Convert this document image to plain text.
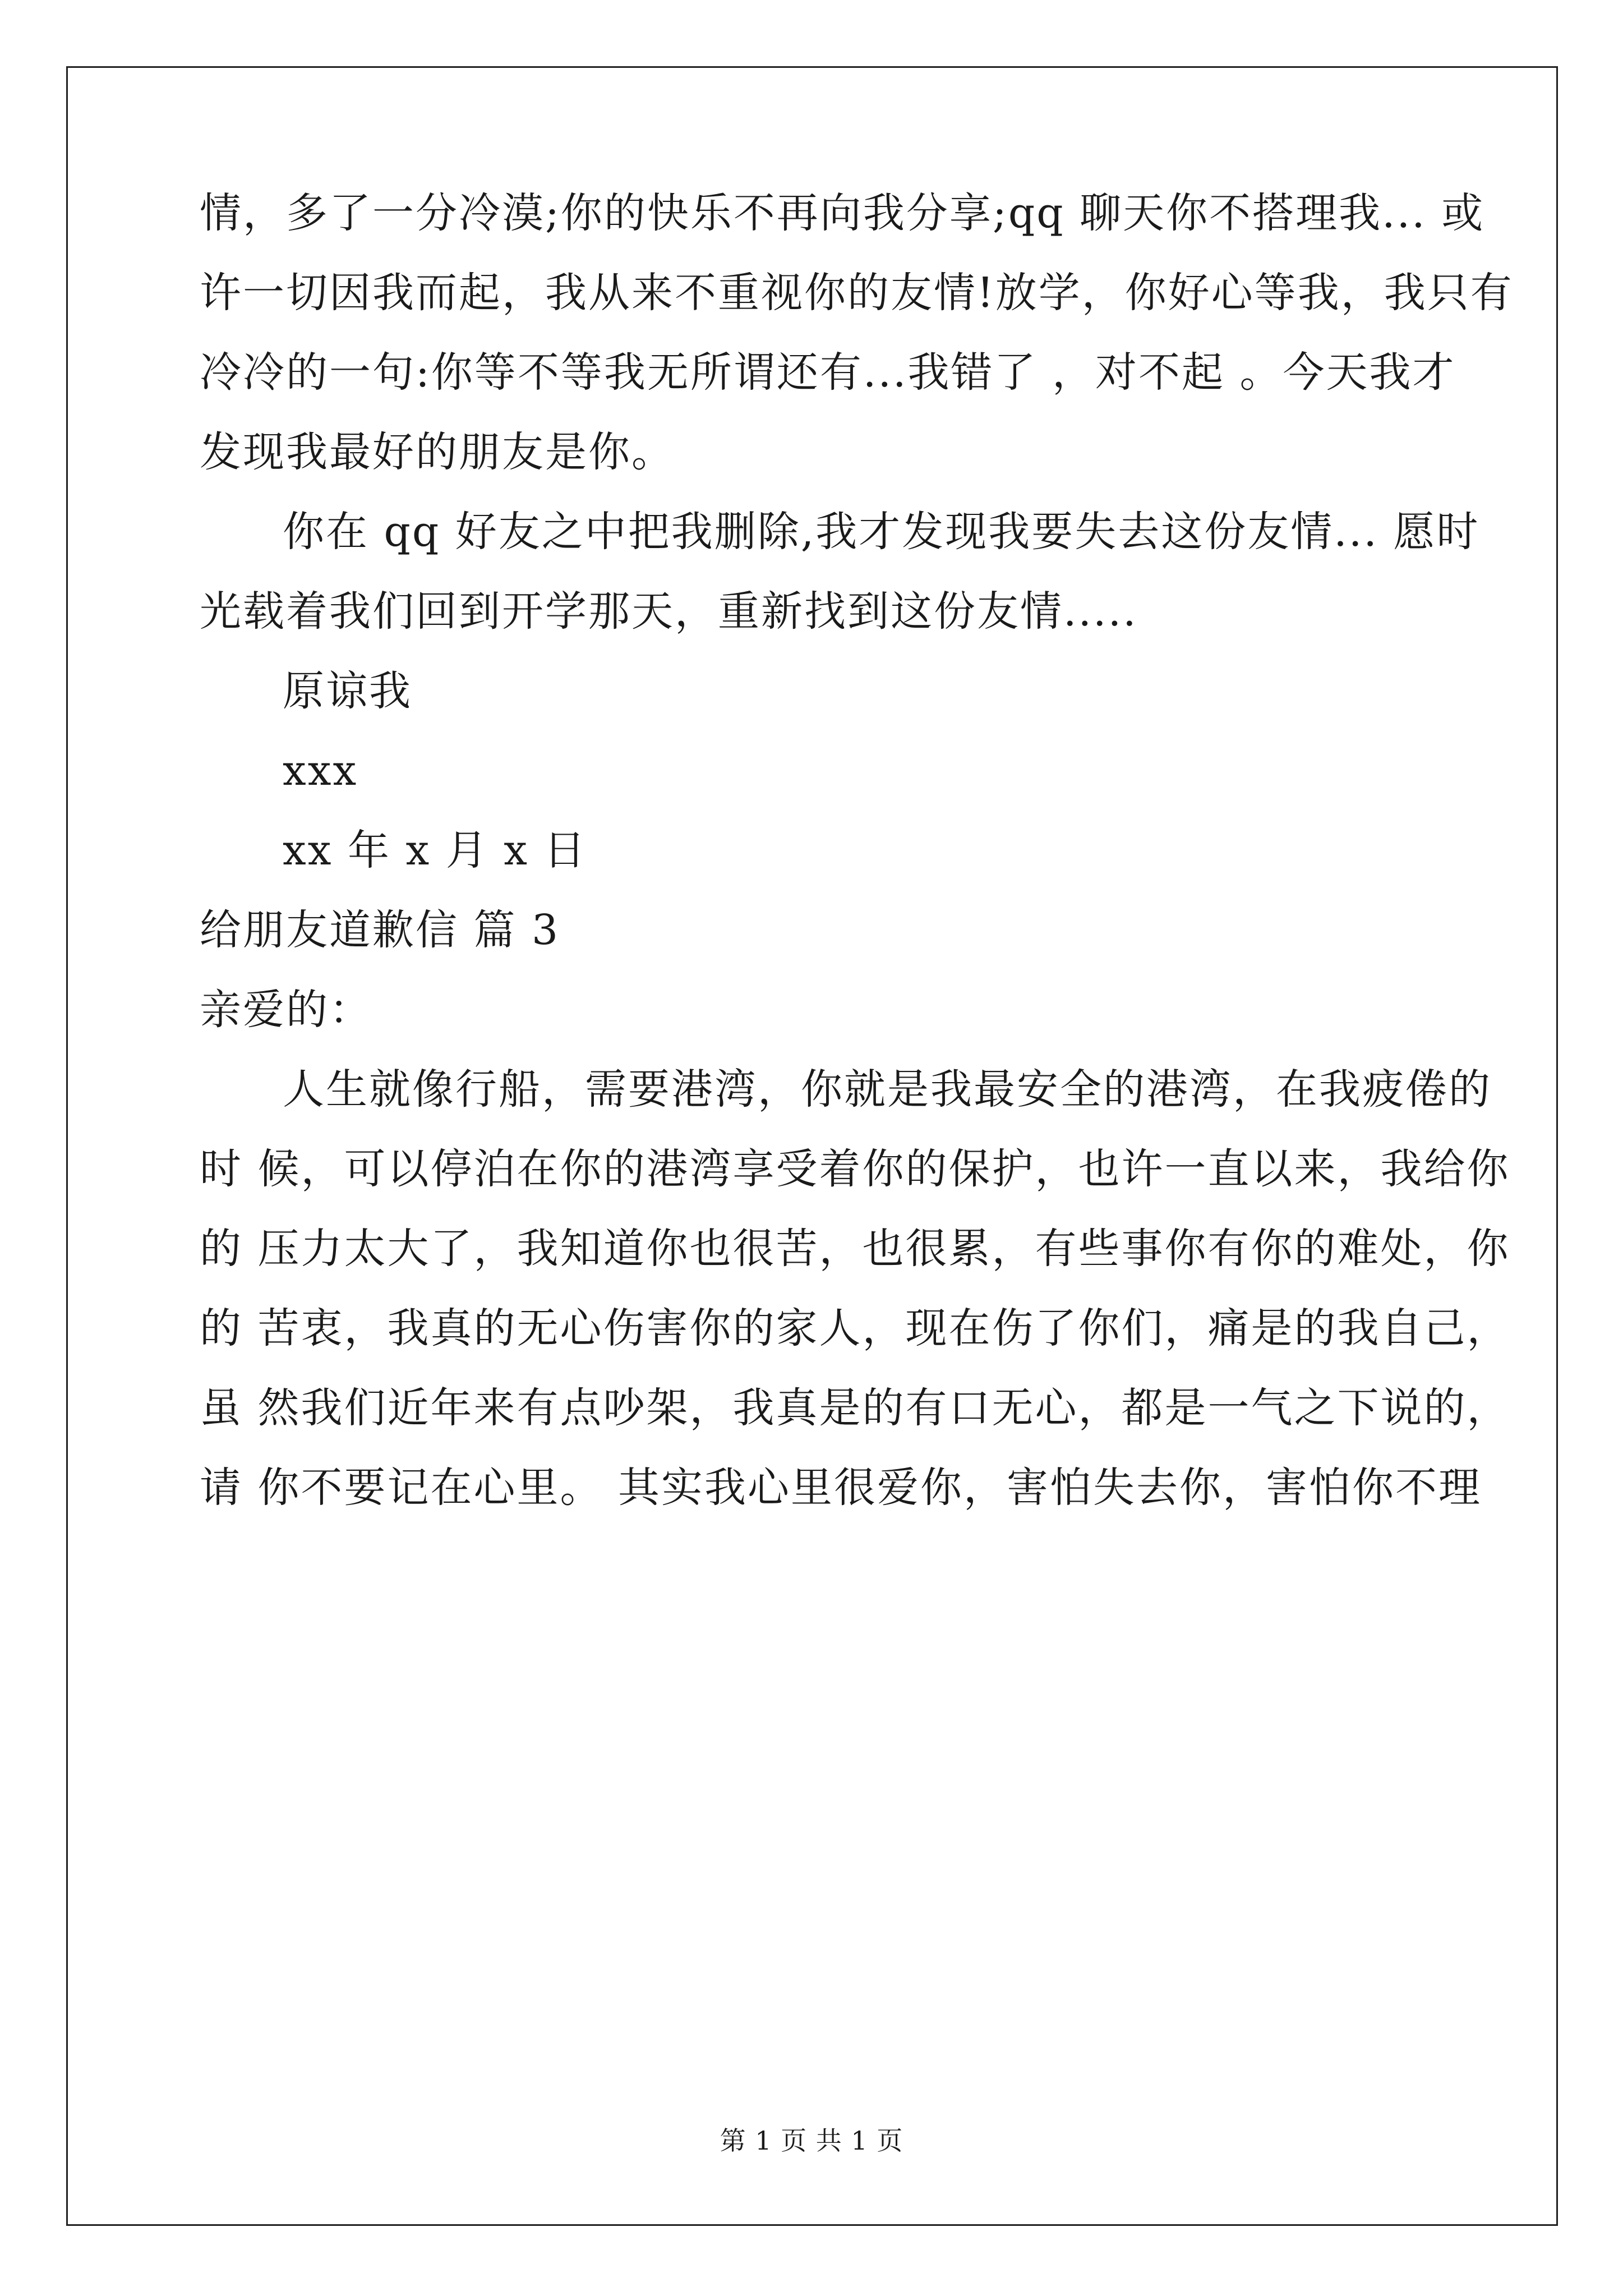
情，多了一分冷漠;你的快乐不再向我分享;qq 聊天你不搭理我... 或
许一切因我而起，我从来不重视你的友情!放学，你好心等我，我只有
冷冷的一句:你等不等我无所谓还有...我错了 ，对不起 。今天我才
发现我最好的朋友是你。
你在 qq 好友之中把我删除,我才发现我要失去这份友情... 愿时
光载着我们回到开学那天，重新找到这份友情.....
原谅我
xxx
xx 年 x 月 x 日
给朋友道歉信 篇 3
亲爱的：
人生就像行船，需要港湾，你就是我最安全的港湾，在我疲倦的
时 候，可以停泊在你的港湾享受着你的保护，也许一直以来，我给你
的 压力太大了，我知道你也很苦，也很累，有些事你有你的难处，你
的 苦衷，我真的无心伤害你的家人，现在伤了你们，痛是的我自己，
虽 然我们近年来有点吵架，我真是的有口无心，都是一气之下说的，
请 你不要记在心里。 其实我心里很爱你，害怕失去你，害怕你不理
第 1 页 共 1 页
